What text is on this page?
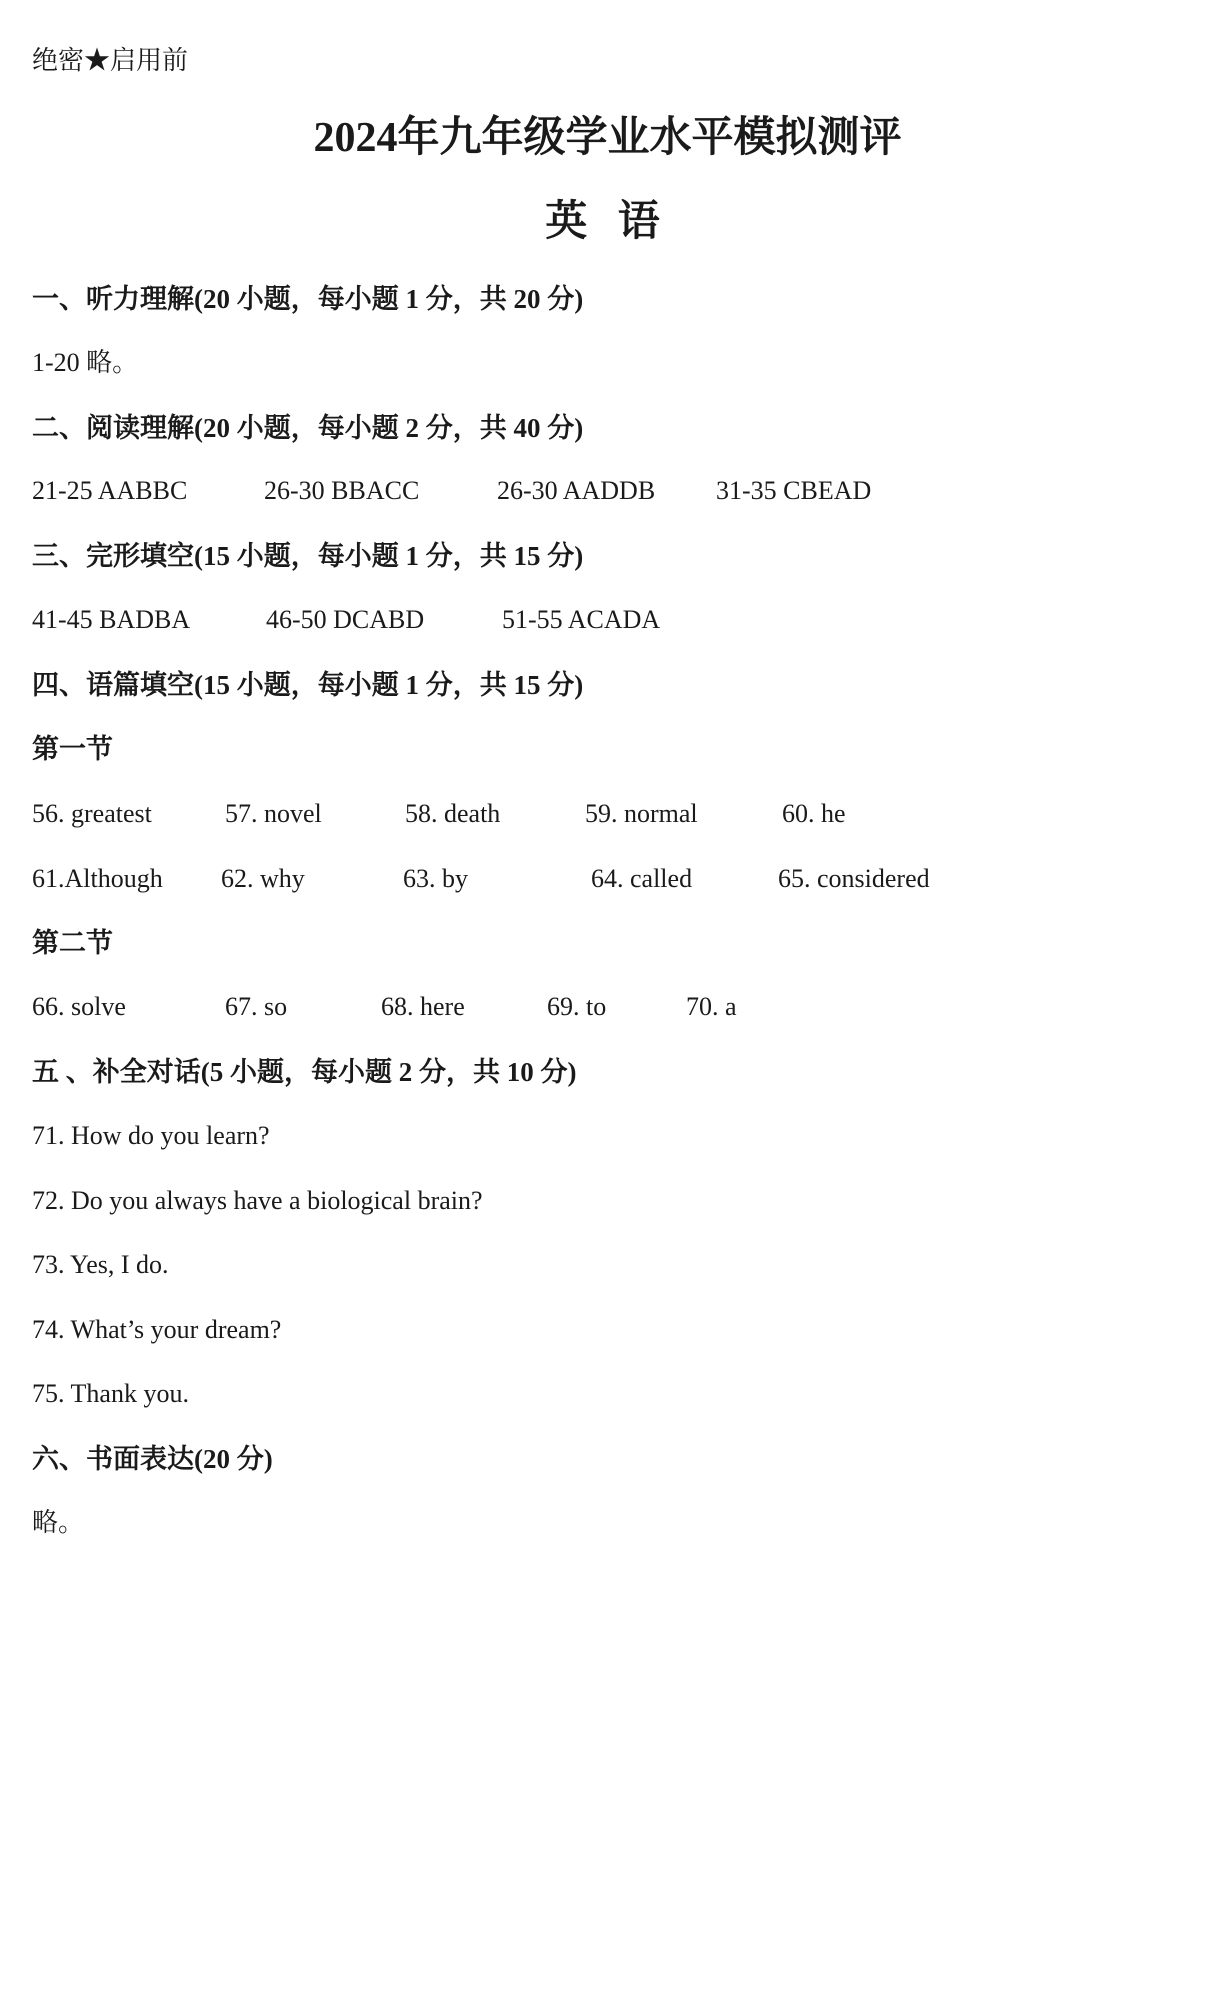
绝密★启用前
2024年九年级学业水平模拟测评
英 语
一、听力理解(20 小题，每小题 1 分，共 20 分)
1-20 略。
二、阅读理解(20 小题，每小题 2 分，共 40 分)
21-25 AABBC	26-30 BBACC	26-30 AADDB 31-35 CBEAD
三、完形填空(15 小题，每小题 1 分，共 15 分)
41-45 BADBA	46-50 DCABD	51-55 ACADA
四、语篇填空(15 小题，每小题 1 分，共 15 分)
第一节
56. greatest	57. novel	58. death	59. normal	60. he
61.Although 62. why	63. by	64. called	65. considered
第二节
66. solve	67. so	68. here	69. to	70. a
五 、补全对话(5 小题，每小题 2 分，共 10 分)
71. How do you learn?
72. Do you always have a biological brain?
73. Yes, I do.
74. What’s your dream?
75. Thank you.
六、书面表达(20 分)
略。
